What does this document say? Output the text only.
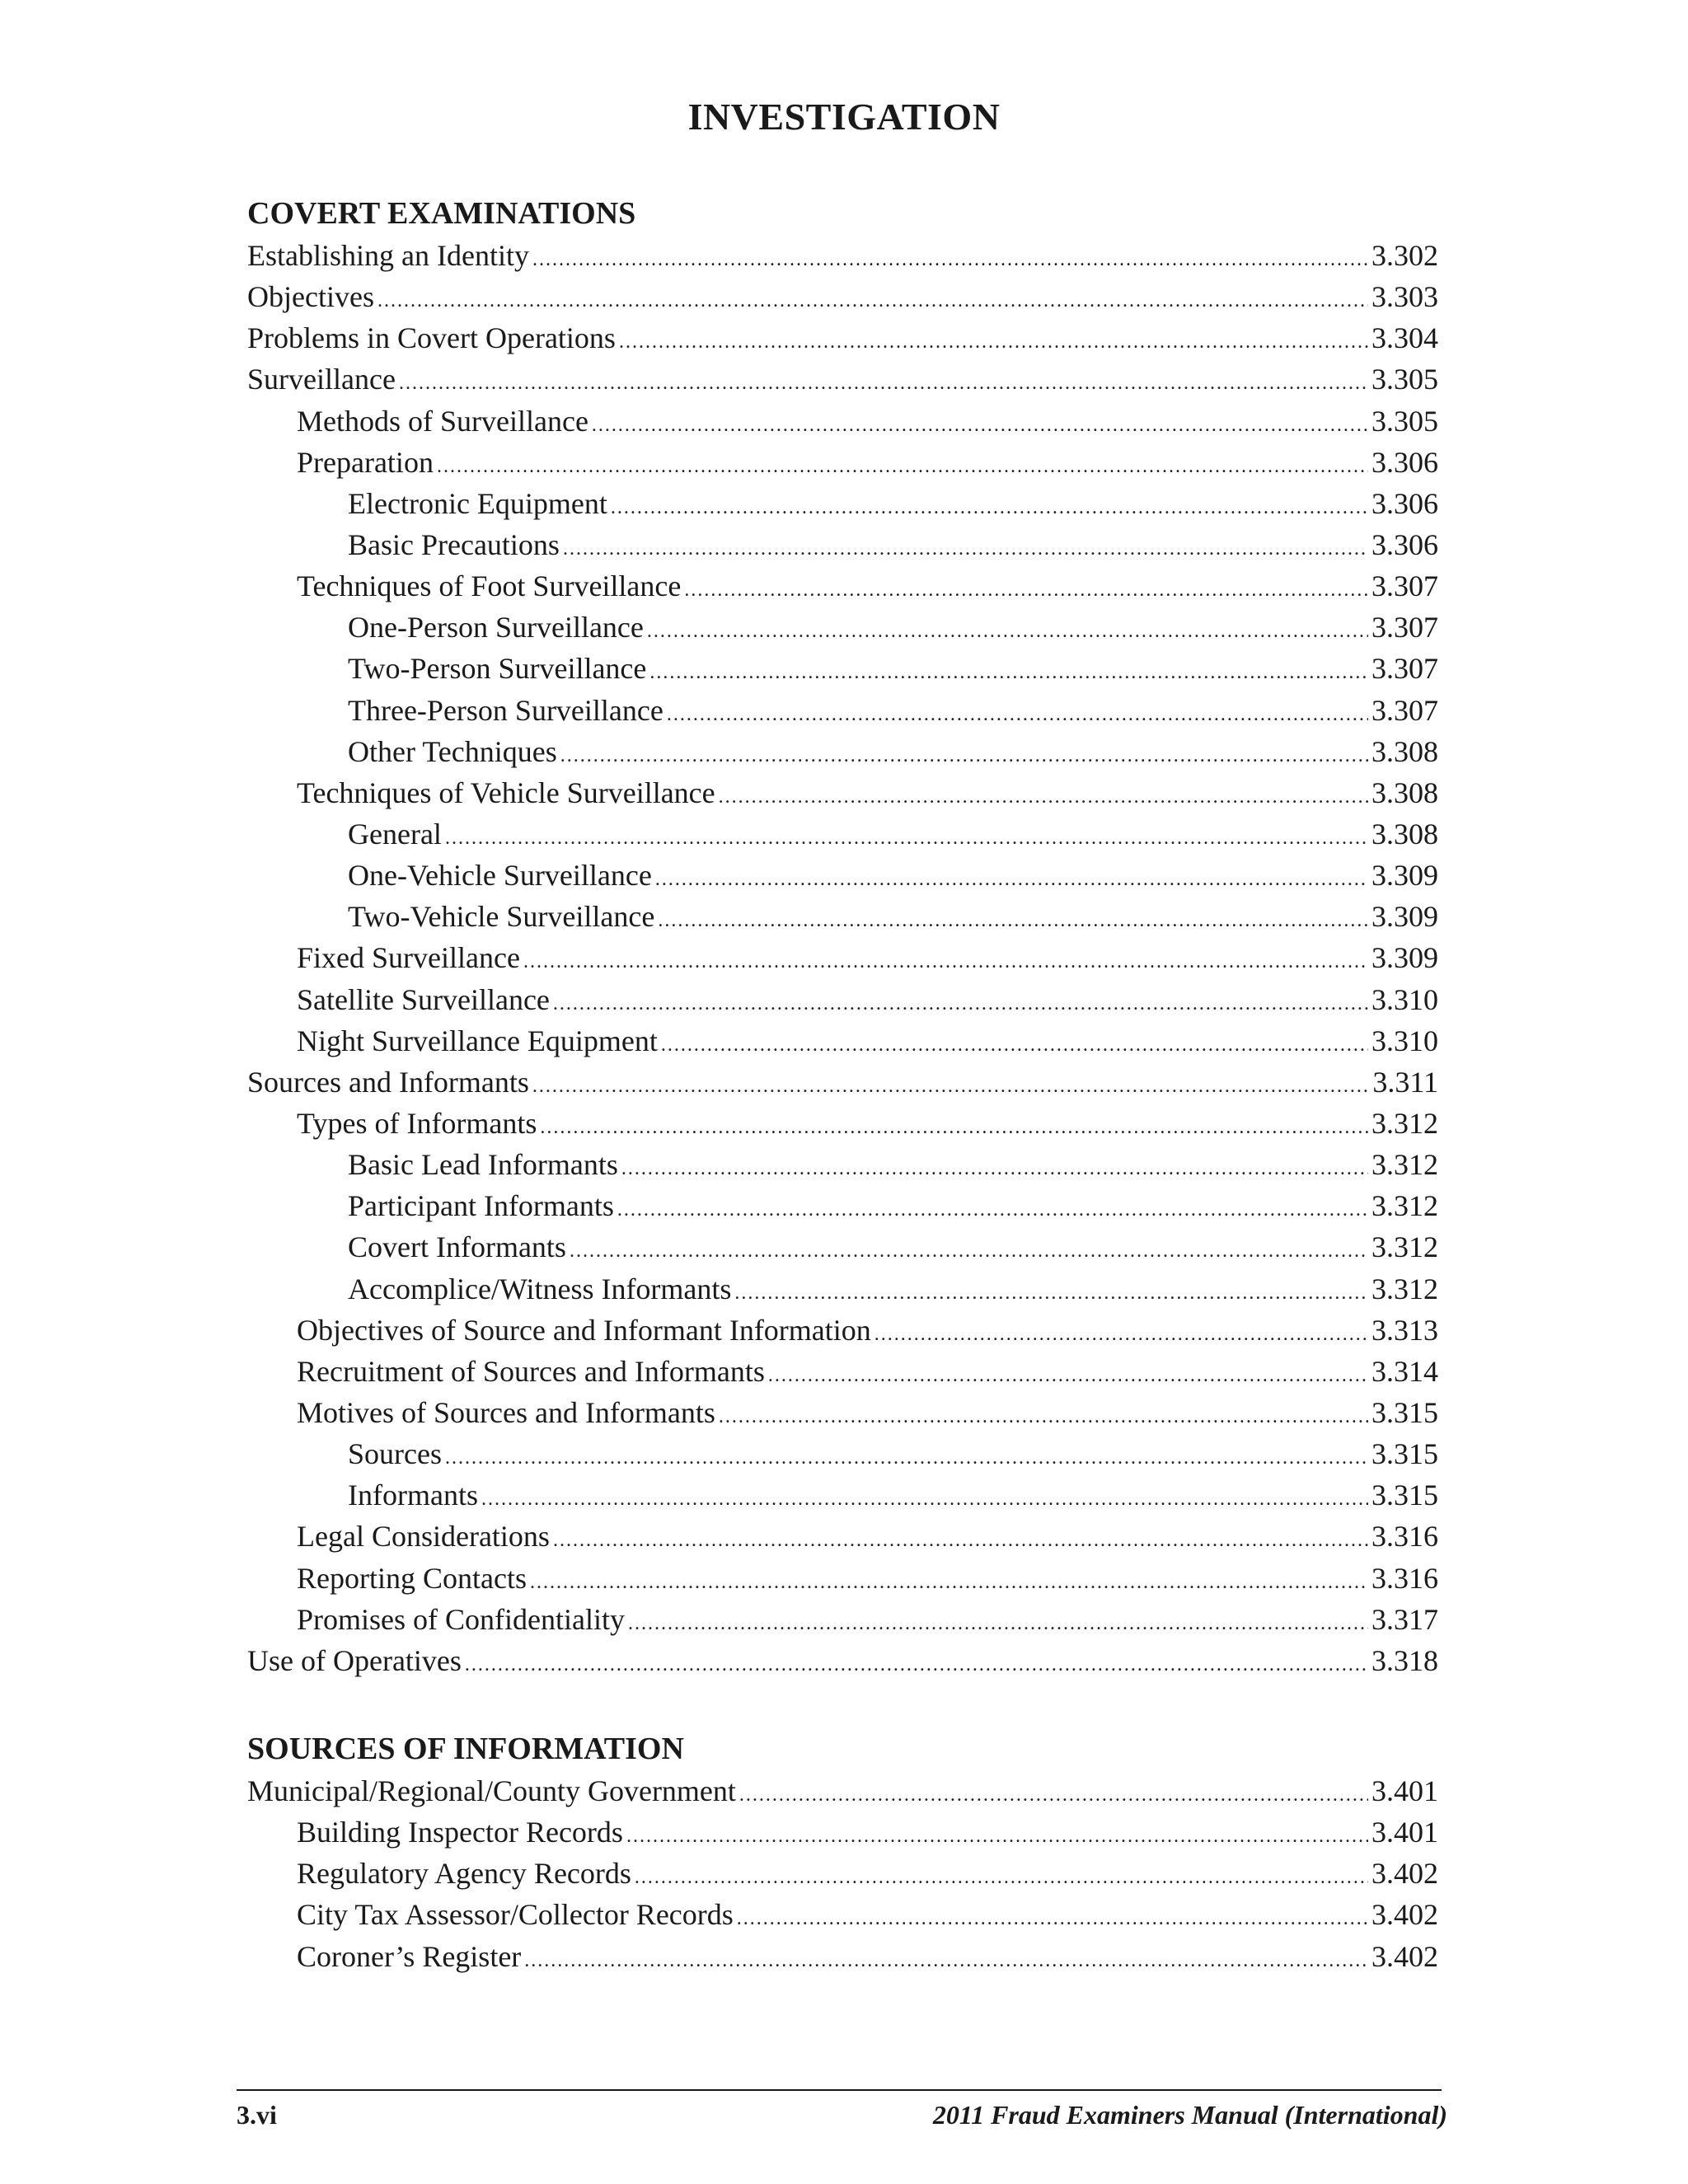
INVESTIGATION
COVERT EXAMINATIONS
Establishing an Identity .....	3.302
Objectives .....	3.303
Problems in Covert Operations .....	3.304
Surveillance .....	3.305
Methods of Surveillance .....	3.305
Preparation .....	3.306
Electronic Equipment .....	3.306
Basic Precautions .....	3.306
Techniques of Foot Surveillance .....	3.307
One-Person Surveillance .....	3.307
Two-Person Surveillance .....	3.307
Three-Person Surveillance .....	3.307
Other Techniques .....	3.308
Techniques of Vehicle Surveillance .....	3.308
General .....	3.308
One-Vehicle Surveillance .....	3.309
Two-Vehicle Surveillance .....	3.309
Fixed Surveillance .....	3.309
Satellite Surveillance .....	3.310
Night Surveillance Equipment .....	3.310
Sources and Informants .....	3.311
Types of Informants .....	3.312
Basic Lead Informants .....	3.312
Participant Informants .....	3.312
Covert Informants .....	3.312
Accomplice/Witness Informants .....	3.312
Objectives of Source and Informant Information .....	3.313
Recruitment of Sources and Informants .....	3.314
Motives of Sources and Informants .....	3.315
Sources .....	3.315
Informants .....	3.315
Legal Considerations .....	3.316
Reporting Contacts .....	3.316
Promises of Confidentiality .....	3.317
Use of Operatives .....	3.318
SOURCES OF INFORMATION
Municipal/Regional/County Government .....	3.401
Building Inspector Records .....	3.401
Regulatory Agency Records .....	3.402
City Tax Assessor/Collector Records .....	3.402
Coroner’s Register .....	3.402
3.vi	2011 Fraud Examiners Manual (International)
